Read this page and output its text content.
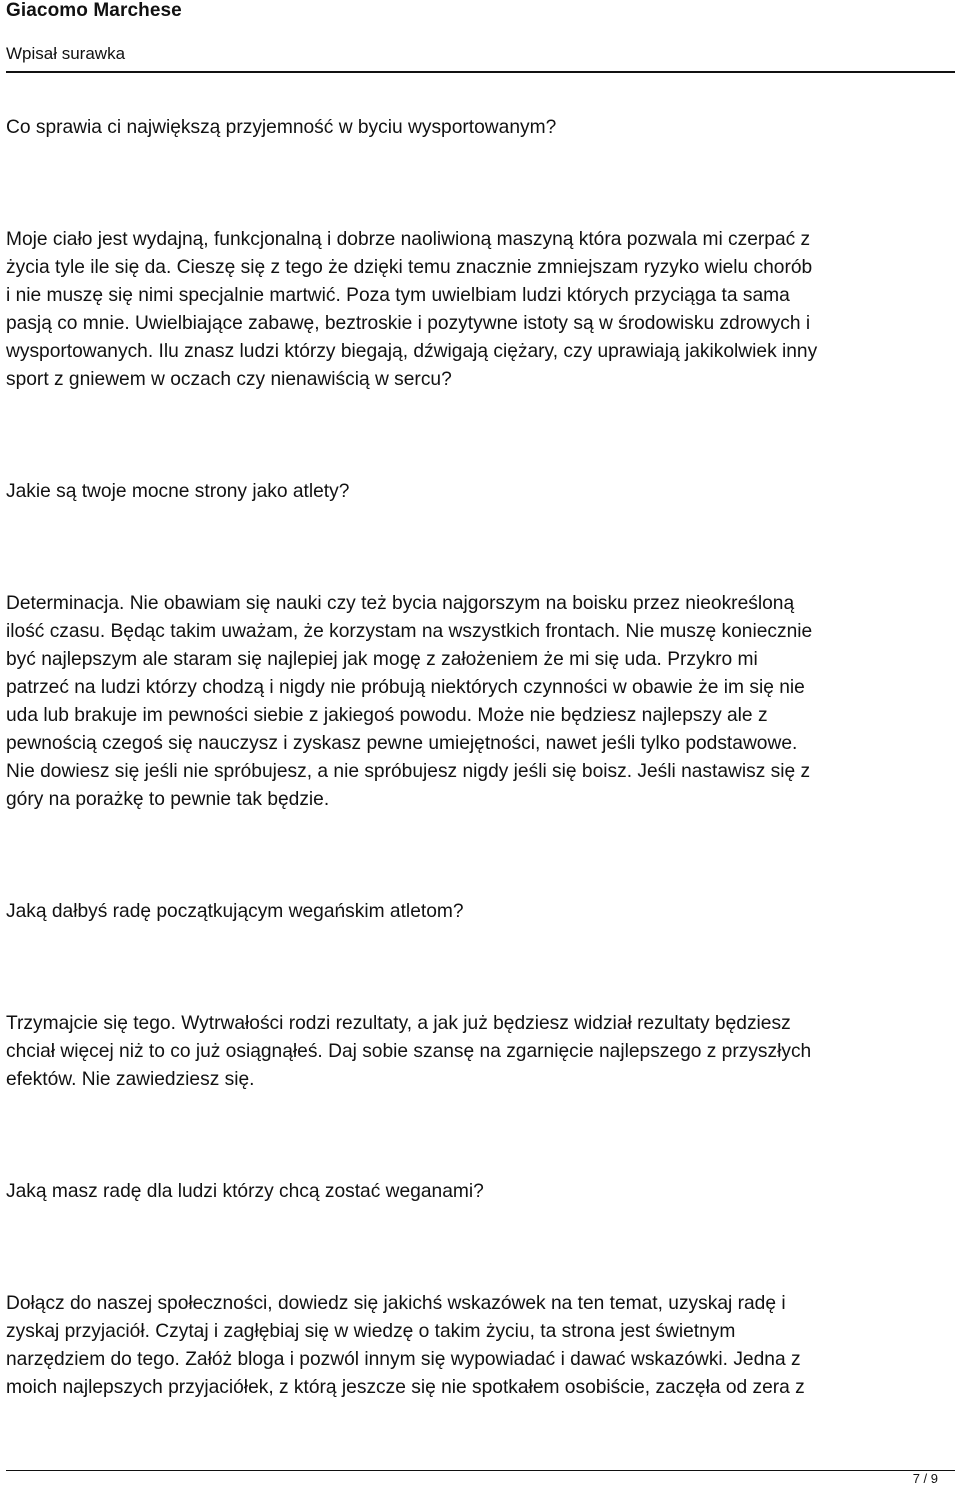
Giacomo Marchese
Wpisał surawka

Co sprawia ci największą przyjemność w byciu wysportowanym?

Moje ciało jest wydajną, funkcjonalną i dobrze naoliwioną maszyną która pozwala mi czerpać z
życia tyle ile się da. Cieszę się z tego że dzięki temu znacznie zmniejszam ryzyko wielu chorób
i nie muszę się nimi specjalnie martwić. Poza tym uwielbiam ludzi których przyciąga ta sama
pasją co mnie. Uwielbiające zabawę, beztroskie i pozytywne istoty są w środowisku zdrowych i
wysportowanych. Ilu znasz ludzi którzy biegają, dźwigają ciężary, czy uprawiają jakikolwiek inny
sport z gniewem w oczach czy nienawiścią w sercu?

Jakie są twoje mocne strony jako atlety?

Determinacja. Nie obawiam się nauki czy też bycia najgorszym na boisku przez nieokreśloną
ilość czasu. Będąc takim uważam, że korzystam na wszystkich frontach. Nie muszę koniecznie
być najlepszym ale staram się najlepiej jak mogę z założeniem że mi się uda. Przykro mi
patrzeć na ludzi którzy chodzą i nigdy nie próbują niektórych czynności w obawie że im się nie
uda lub brakuje im pewności siebie z jakiegoś powodu. Może nie będziesz najlepszy ale z
pewnością czegoś się nauczysz i zyskasz pewne umiejętności, nawet jeśli tylko podstawowe.
Nie dowiesz się jeśli nie spróbujesz, a nie spróbujesz nigdy jeśli się boisz. Jeśli nastawisz się z
góry na porażkę to pewnie tak będzie.

Jaką dałbyś radę początkującym wegańskim atletom?

Trzymajcie się tego. Wytrwałości rodzi rezultaty, a jak już będziesz widział rezultaty będziesz
chciał więcej niż to co już osiągnąłeś. Daj sobie szansę na zgarnięcie najlepszego z przyszłych
efektów. Nie zawiedziesz się.

Jaką masz radę dla ludzi którzy chcą zostać weganami?

Dołącz do naszej społeczności, dowiedz się jakichś wskazówek na ten temat, uzyskaj radę i
zyskaj przyjaciół. Czytaj i zagłębiaj się w wiedzę o takim życiu, ta strona jest świetnym
narzędziem do tego. Załóż bloga i pozwól innym się wypowiadać i dawać wskazówki. Jedna z
moich najlepszych przyjaciółek, z którą jeszcze się nie spotkałem osobiście, zaczęła od zera z

7 / 9
